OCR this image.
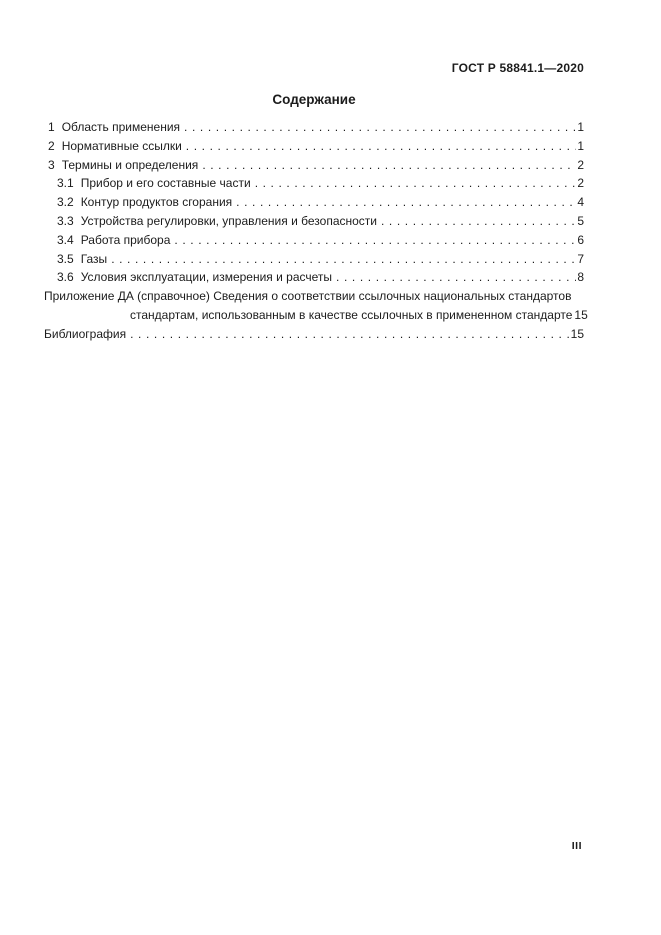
ГОСТ Р 58841.1—2020
Содержание
1 Область применения .....	1
2 Нормативные ссылки .....	1
3 Термины и определения .....	2
3.1 Прибор и его составные части .....	2
3.2 Контур продуктов сгорания .....	4
3.3 Устройства регулировки, управления и безопасности .....	5
3.4 Работа прибора .....	6
3.5 Газы .....	7
3.6 Условия эксплуатации, измерения и расчеты .....	8
Приложение ДА (справочное) Сведения о соответствии ссылочных национальных стандартов
стандартам, использованным в качестве ссылочных в примененном стандарте 15
Библиография .....	15
III
